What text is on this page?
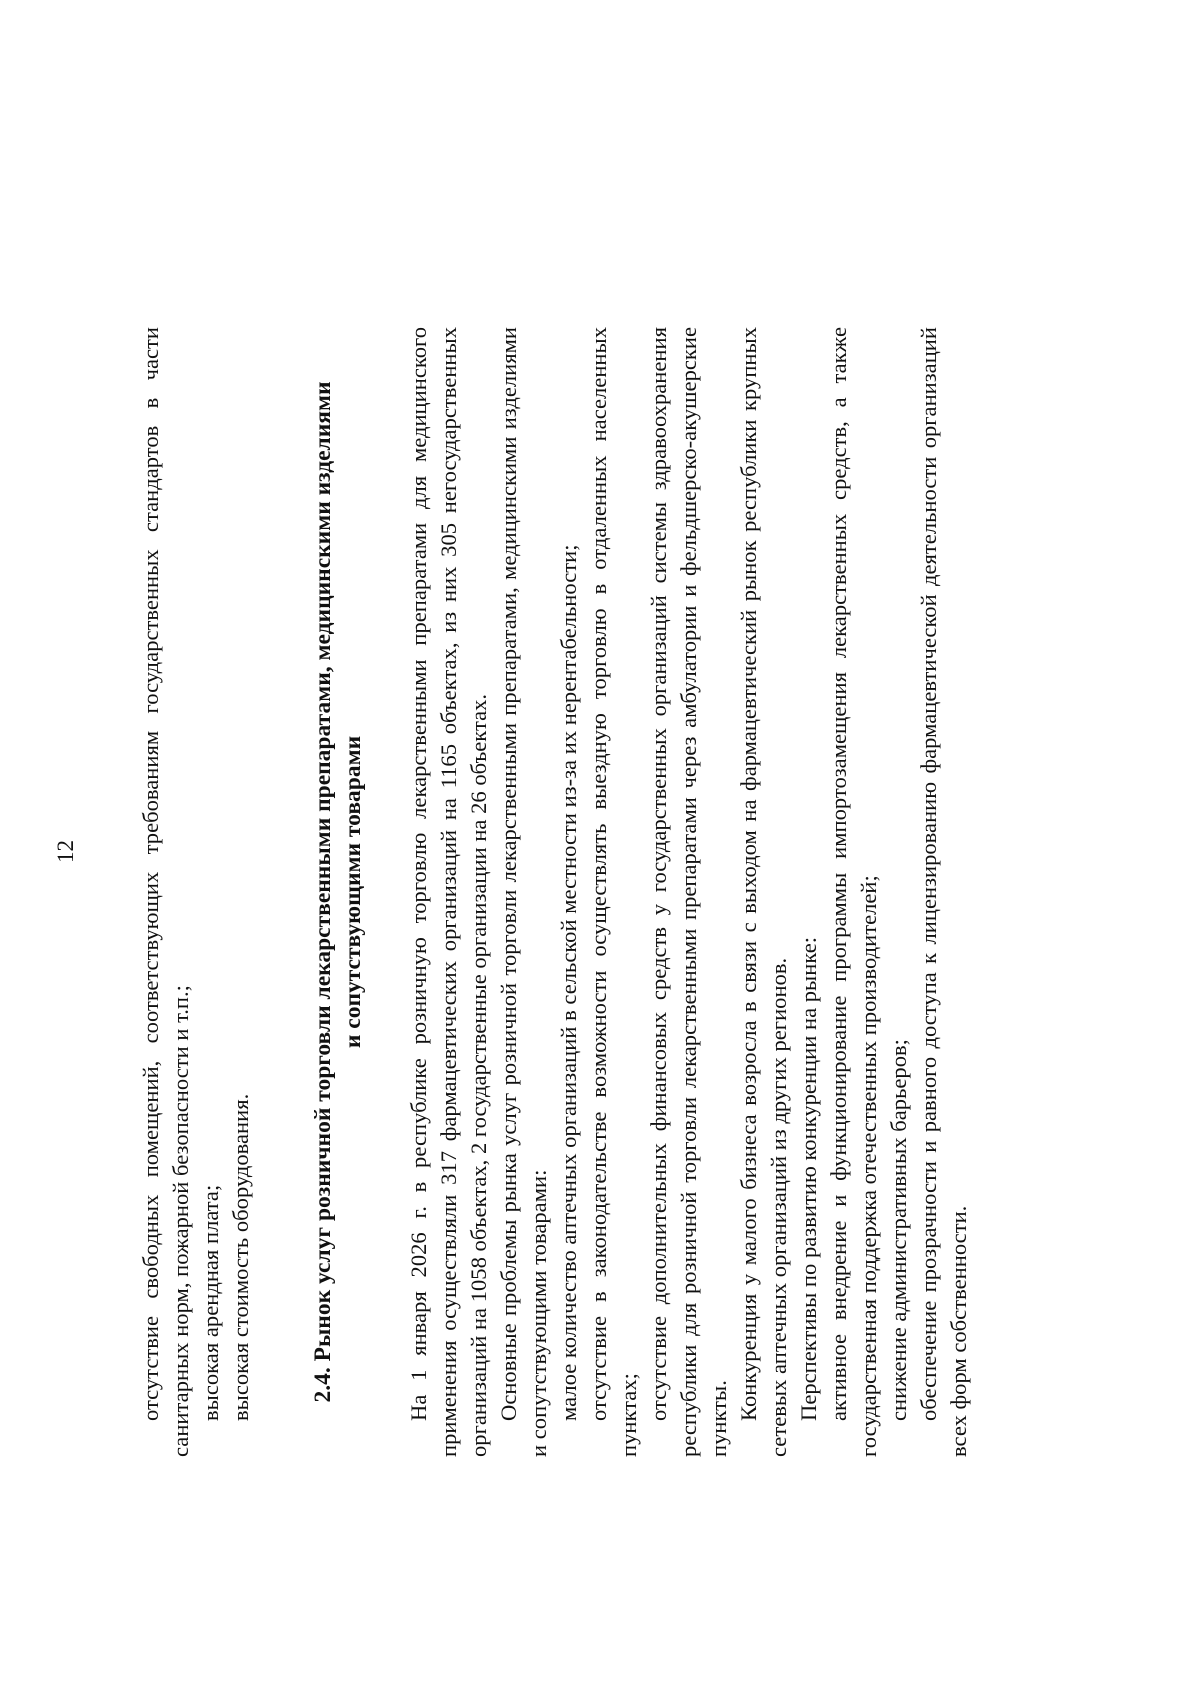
12	отсутствие свободных помещений, соответствующих требованиям государственных стандартов в части санитарных норм, пожарной безопасности и т.п.; высокая арендная плата; высокая стоимость оборудования. 2.4. Рынок услуг розничной торговли лекарственными препаратами, медицинскими изделиями и сопутствующими товарами На 1 января 2026 г. в республике розничную торговлю лекарственными препаратами для медицинского применения осуществляли 317 фармацевтических организаций на 1165 объектах, из них 305 негосударственных организаций на 1058 объектах, 2 государственные организации на 26 объектах. Основные проблемы рынка услуг розничной торговли лекарственными препаратами, медицинскими изделиями и сопутствующими товарами: малое количество аптечных организаций в сельской местности из-за их нерентабельности; отсутствие в законодательстве возможности осуществлять выездную торговлю в отдаленных населенных пунктах; отсутствие дополнительных финансовых средств у государственных организаций системы здравоохранения республики для розничной торговли лекарственными препаратами через амбулатории и фельдшерско-акушерские пункты. Конкуренция у малого бизнеса возросла в связи с выходом на фармацевтический рынок республики крупных сетевых аптечных организаций из других регионов. Перспективы по развитию конкуренции на рынке: активное внедрение и функционирование программы импортозамещения лекарственных средств, а также государственная поддержка отечественных производителей; снижение административных барьеров; обеспечение прозрачности и равного доступа к лицензированию фармацевтической деятельности организаций всех форм собственности.
